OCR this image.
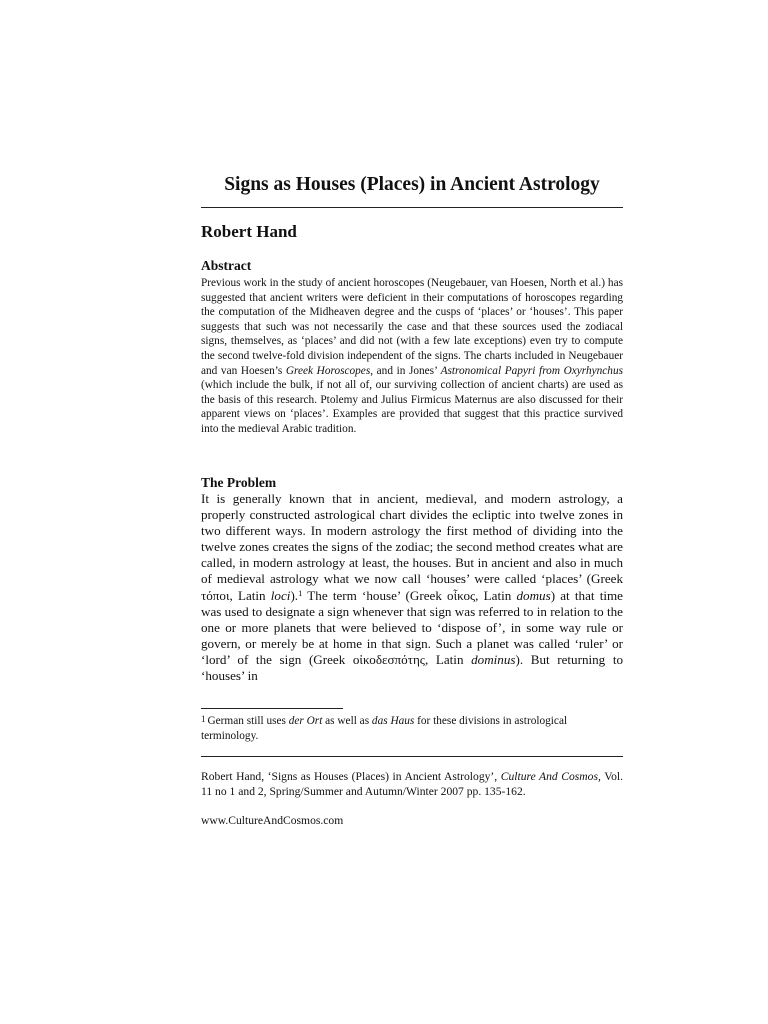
Signs as Houses (Places) in Ancient Astrology
Robert Hand
Abstract

Previous work in the study of ancient horoscopes (Neugebauer, van Hoesen, North et al.) has suggested that ancient writers were deficient in their computations of horoscopes regarding the computation of the Midheaven degree and the cusps of ‘places’ or ‘houses’. This paper suggests that such was not necessarily the case and that these sources used the zodiacal signs, themselves, as ‘places’ and did not (with a few late exceptions) even try to compute the second twelve-fold division independent of the signs. The charts included in Neugebauer and van Hoesen’s Greek Horoscopes, and in Jones’ Astronomical Papyri from Oxyrhynchus (which include the bulk, if not all of, our surviving collection of ancient charts) are used as the basis of this research. Ptolemy and Julius Firmicus Maternus are also discussed for their apparent views on ‘places’. Examples are provided that suggest that this practice survived into the medieval Arabic tradition.

The Problem

It is generally known that in ancient, medieval, and modern astrology, a properly constructed astrological chart divides the ecliptic into twelve zones in two different ways. In modern astrology the first method of dividing into the twelve zones creates the signs of the zodiac; the second method creates what are called, in modern astrology at least, the houses. But in ancient and also in much of medieval astrology what we now call ‘houses’ were called ‘places’ (Greek τόποι, Latin loci).$^1$ The term ‘house’ (Greek οἶκος, Latin domus) at that time was used to designate a sign whenever that sign was referred to in relation to the one or more planets that were believed to ‘dispose of’, in some way rule or govern, or merely be at home in that sign. Such a planet was called ‘ruler’ or ‘lord’ of the sign (Greek οἰκοδεσπότης, Latin dominus). But returning to ‘houses’ in

$^1$ German still uses der Ort as well as das Haus for these divisions in astrological terminology.

Robert Hand, ‘Signs as Houses (Places) in Ancient Astrology’, Culture And Cosmos, Vol. 11 no 1 and 2, Spring/Summer and Autumn/Winter 2007 pp. 135-162.

www.CultureAndCosmos.com
